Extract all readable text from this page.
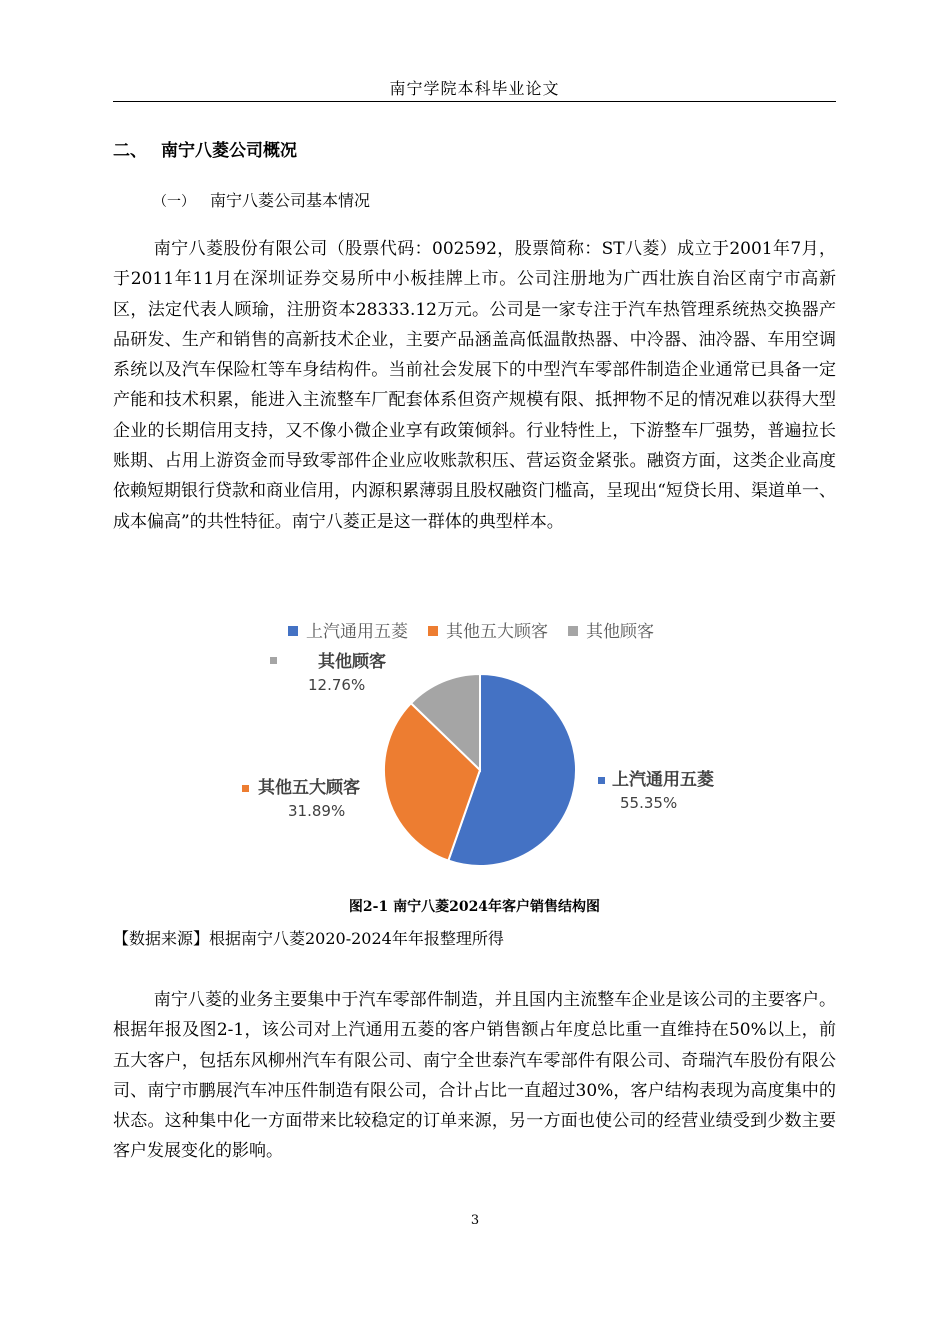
南宁学院本科毕业论文
二、 南宁八菱公司概况
（一） 南宁八菱公司基本情况

南宁八菱股份有限公司（股票代码：002592，股票简称：ST八菱）成立于2001年7月，于2011年11月在深圳证券交易所中小板挂牌上市。公司注册地为广西壮族自治区南宁市高新区，法定代表人顾瑜，注册资本28333.12万元。公司是一家专注于汽车热管理系统热交换器产品研发、生产和销售的高新技术企业，主要产品涵盖高低温散热器、中冷器、油冷器、车用空调系统以及汽车保险杠等车身结构件。当前社会发展下的中型汽车零部件制造企业通常已具备一定产能和技术积累，能进入主流整车厂配套体系但资产规模有限、抵押物不足的情况难以获得大型企业的长期信用支持，又不像小微企业享有政策倾斜。行业特性上，下游整车厂强势，普遍拉长账期、占用上游资金而导致零部件企业应收账款积压、营运资金紧张。融资方面，这类企业高度依赖短期银行贷款和商业信用，内源积累薄弱且股权融资门槛高，呈现出“短贷长用、渠道单一、成本偏高”的共性特征。南宁八菱正是这一群体的典型样本。

上汽通用五菱 其他五大顾客 其他顾客
上汽通用五菱
55.35%
其他五大顾客
31.89%
其他顾客
12.76%
图2-1 南宁八菱2024年客户销售结构图
【数据来源】根据南宁八菱2020-2024年年报整理所得

南宁八菱的业务主要集中于汽车零部件制造，并且国内主流整车企业是该公司的主要客户。根据年报及图2-1，该公司对上汽通用五菱的客户销售额占年度总比重一直维持在50%以上，前五大客户，包括东风柳州汽车有限公司、南宁全世泰汽车零部件有限公司、奇瑞汽车股份有限公司、南宁市鹏展汽车冲压件制造有限公司，合计占比一直超过30%，客户结构表现为高度集中的状态。这种集中化一方面带来比较稳定的订单来源，另一方面也使公司的经营业绩受到少数主要客户发展变化的影响。

3
